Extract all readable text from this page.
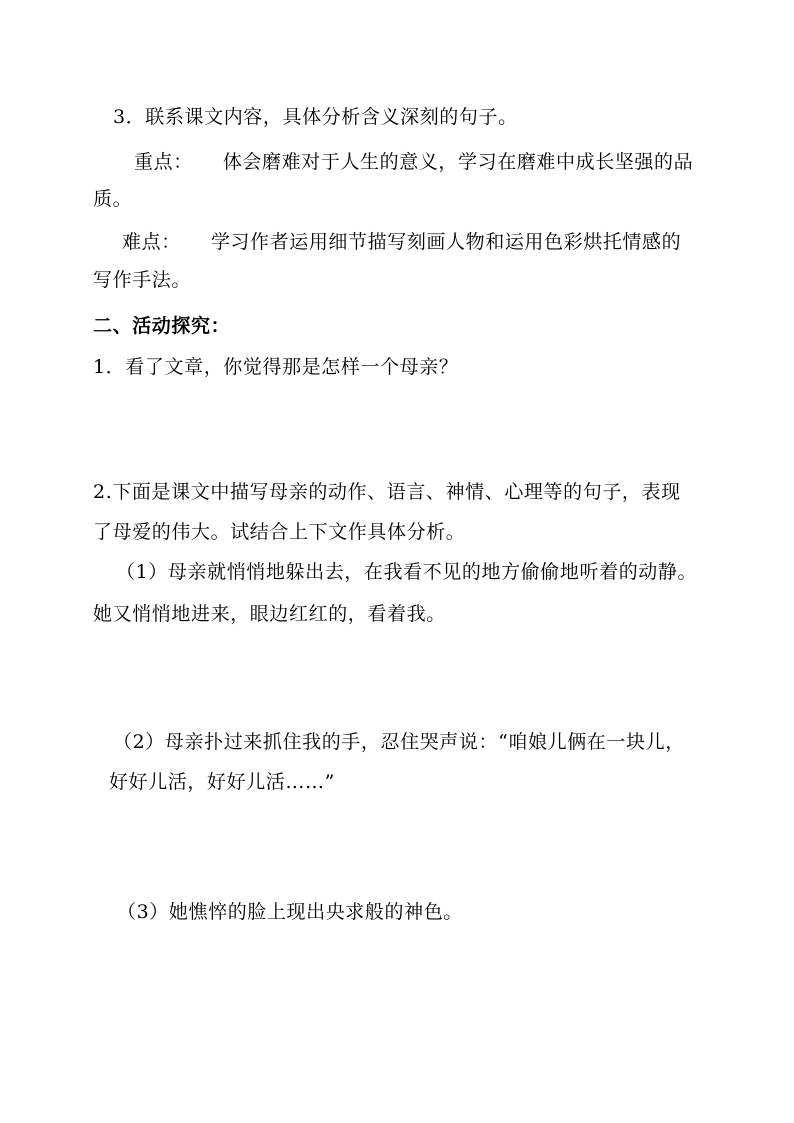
3．联系课文内容，具体分析含义深刻的句子。
重点： 体会磨难对于人生的意义，学习在磨难中成长坚强的品
质。
难点： 学习作者运用细节描写刻画人物和运用色彩烘托情感的
写作手法。
二、活动探究：
1．看了文章，你觉得那是怎样一个母亲？
2.下面是课文中描写母亲的动作、语言、神情、心理等的句子，表现
了母爱的伟大。试结合上下文作具体分析。
（1）母亲就悄悄地躲出去，在我看不见的地方偷偷地听着的动静。
她又悄悄地进来，眼边红红的，看着我。
（2）母亲扑过来抓住我的手，忍住哭声说：“咱娘儿俩在一块儿，
好好儿活，好好儿活……”
（3）她憔悴的脸上现出央求般的神色。
